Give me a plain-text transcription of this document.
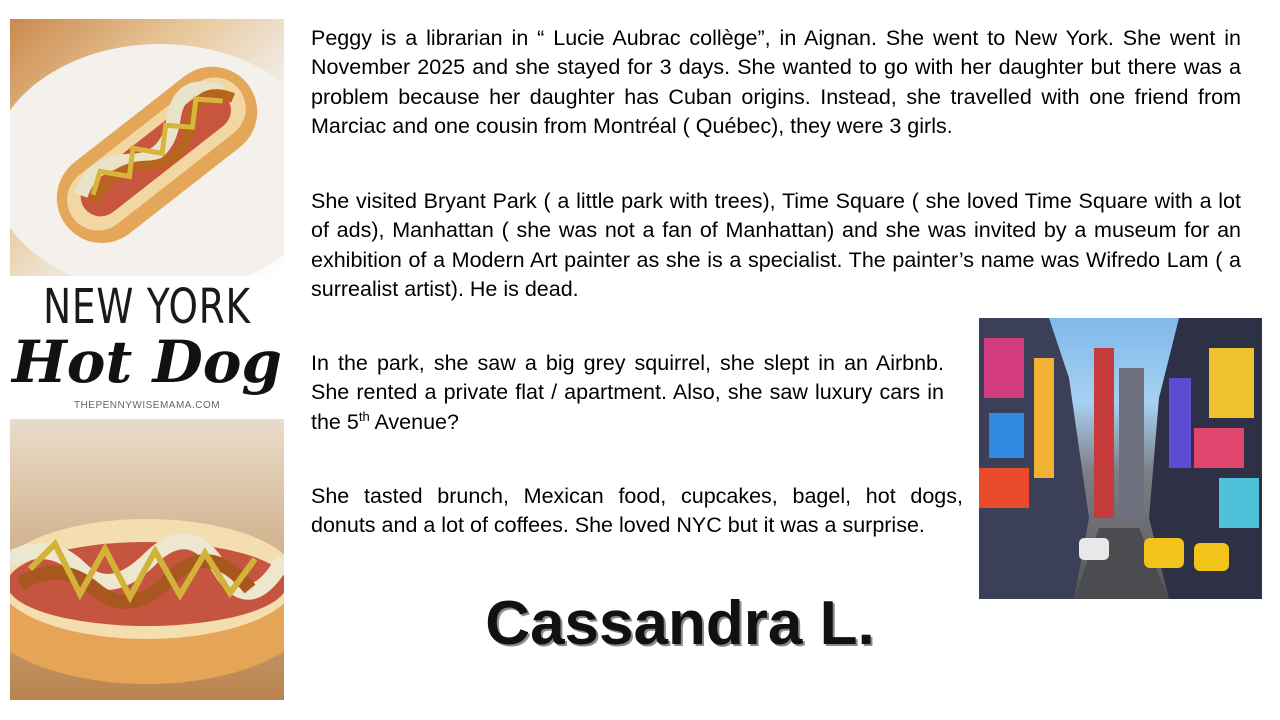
NEW YORK
Hot Dog
THEPENNYWISEMAMA.COM

Peggy is a librarian in “ Lucie Aubrac collège”, in Aignan. She went to New York. She went in November 2025 and she stayed for 3 days. She wanted to go with her daughter but there was a problem because her daughter has Cuban origins. Instead, she travelled with one friend from Marciac and one cousin from Montréal ( Québec), they were 3 girls.

She visited Bryant Park ( a little park with trees), Time Square ( she loved Time Square with a lot of ads), Manhattan ( she was not a fan of Manhattan) and she was invited by a museum for an exhibition of a Modern Art painter as she is a specialist. The painter’s name was Wifredo Lam ( a surrealist artist). He is dead.

In the park, she saw a big grey squirrel, she slept in an Airbnb. She rented a private flat / apartment. Also, she saw luxury cars in the 5th Avenue?

She tasted brunch, Mexican food, cupcakes, bagel, hot dogs, donuts and a lot of coffees. She loved NYC but it was a surprise.

Cassandra L.
